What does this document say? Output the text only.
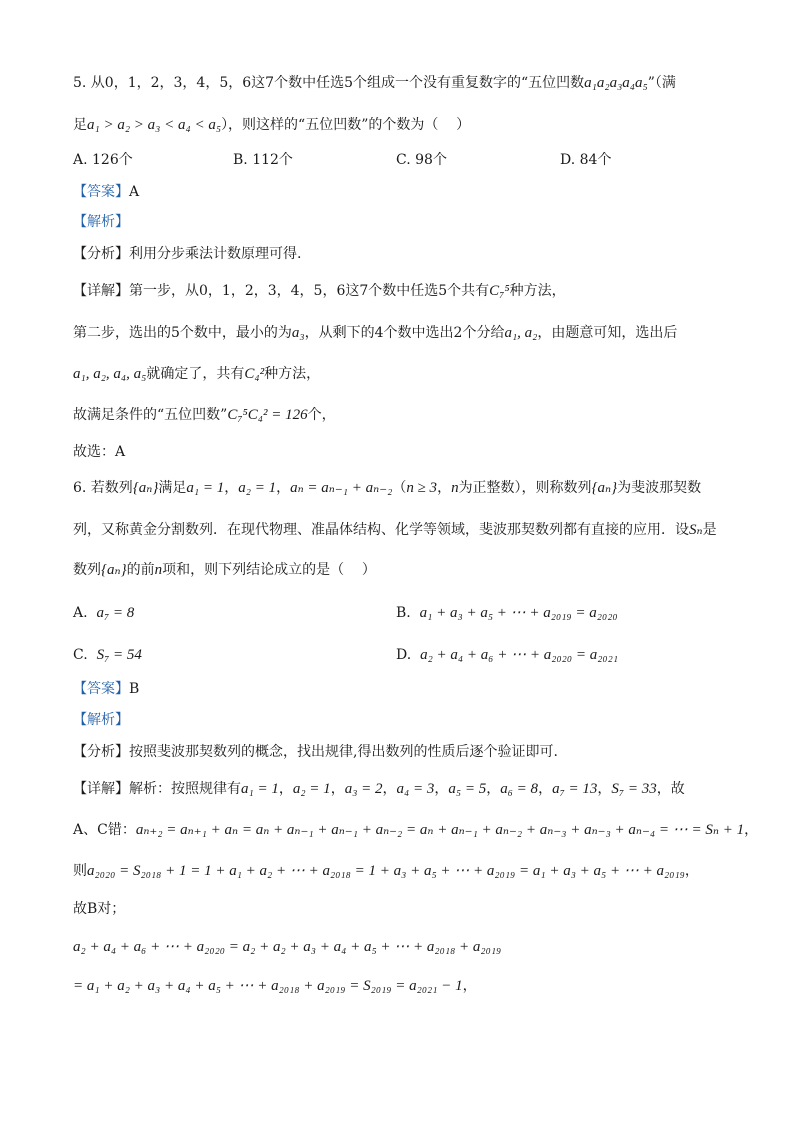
5. 从0，1，2，3，4，5，6这7个数中任选5个组成一个没有重复数字的“五位凹数a₁a₂a₃a₄a₅”（满
足a₁ > a₂ > a₃ < a₄ < a₅），则这样的“五位凹数”的个数为（    ）
A. 126个	B. 112个	C. 98个	D. 84个
【答案】A
【解析】
【分析】利用分步乘法计数原理可得.
【详解】第一步，从0，1，2，3，4，5，6这7个数中任选5个共有C₇⁵种方法，
第二步，选出的5个数中，最小的为a₃，从剩下的4个数中选出2个分给a₁, a₂，由题意可知，选出后
a₁, a₂, a₄, a₅就确定了，共有C₄²种方法，
故满足条件的“五位凹数”C₇⁵C₄² = 126个，
故选：A
6. 若数列{aₙ}满足a₁ = 1，a₂ = 1，aₙ = aₙ₋₁ + aₙ₋₂（n ≥ 3，n为正整数），则称数列{aₙ}为斐波那契数
列，又称黄金分割数列．在现代物理、准晶体结构、化学等领域，斐波那契数列都有直接的应用．设Sₙ是
数列{aₙ}的前n项和，则下列结论成立的是（    ）
A. a₇ = 8	B. a₁ + a₃ + a₅ + ⋯ + a₂₀₁₉ = a₂₀₂₀
C. S₇ = 54	D. a₂ + a₄ + a₆ + ⋯ + a₂₀₂₀ = a₂₀₂₁
【答案】B
【解析】
【分析】按照斐波那契数列的概念，找出规律,得出数列的性质后逐个验证即可.
【详解】解析：按照规律有a₁ = 1，a₂ = 1，a₃ = 2，a₄ = 3，a₅ = 5，a₆ = 8，a₇ = 13，S₇ = 33，故
A、C错：aₙ₊₂ = aₙ₊₁ + aₙ = aₙ + aₙ₋₁ + aₙ₋₁ + aₙ₋₂ = aₙ + aₙ₋₁ + aₙ₋₂ + aₙ₋₃ + aₙ₋₃ + aₙ₋₄ = ⋯ = Sₙ + 1，
则a₂₀₂₀ = S₂₀₁₈ + 1 = 1 + a₁ + a₂ + ⋯ + a₂₀₁₈ = 1 + a₃ + a₅ + ⋯ + a₂₀₁₉ = a₁ + a₃ + a₅ + ⋯ + a₂₀₁₉，
故B对；
a₂ + a₄ + a₆ + ⋯ + a₂₀₂₀ = a₂ + a₂ + a₃ + a₄ + a₅ + ⋯ + a₂₀₁₈ + a₂₀₁₉
= a₁ + a₂ + a₃ + a₄ + a₅ + ⋯ + a₂₀₁₈ + a₂₀₁₉ = S₂₀₁₉ = a₂₀₂₁ − 1，
